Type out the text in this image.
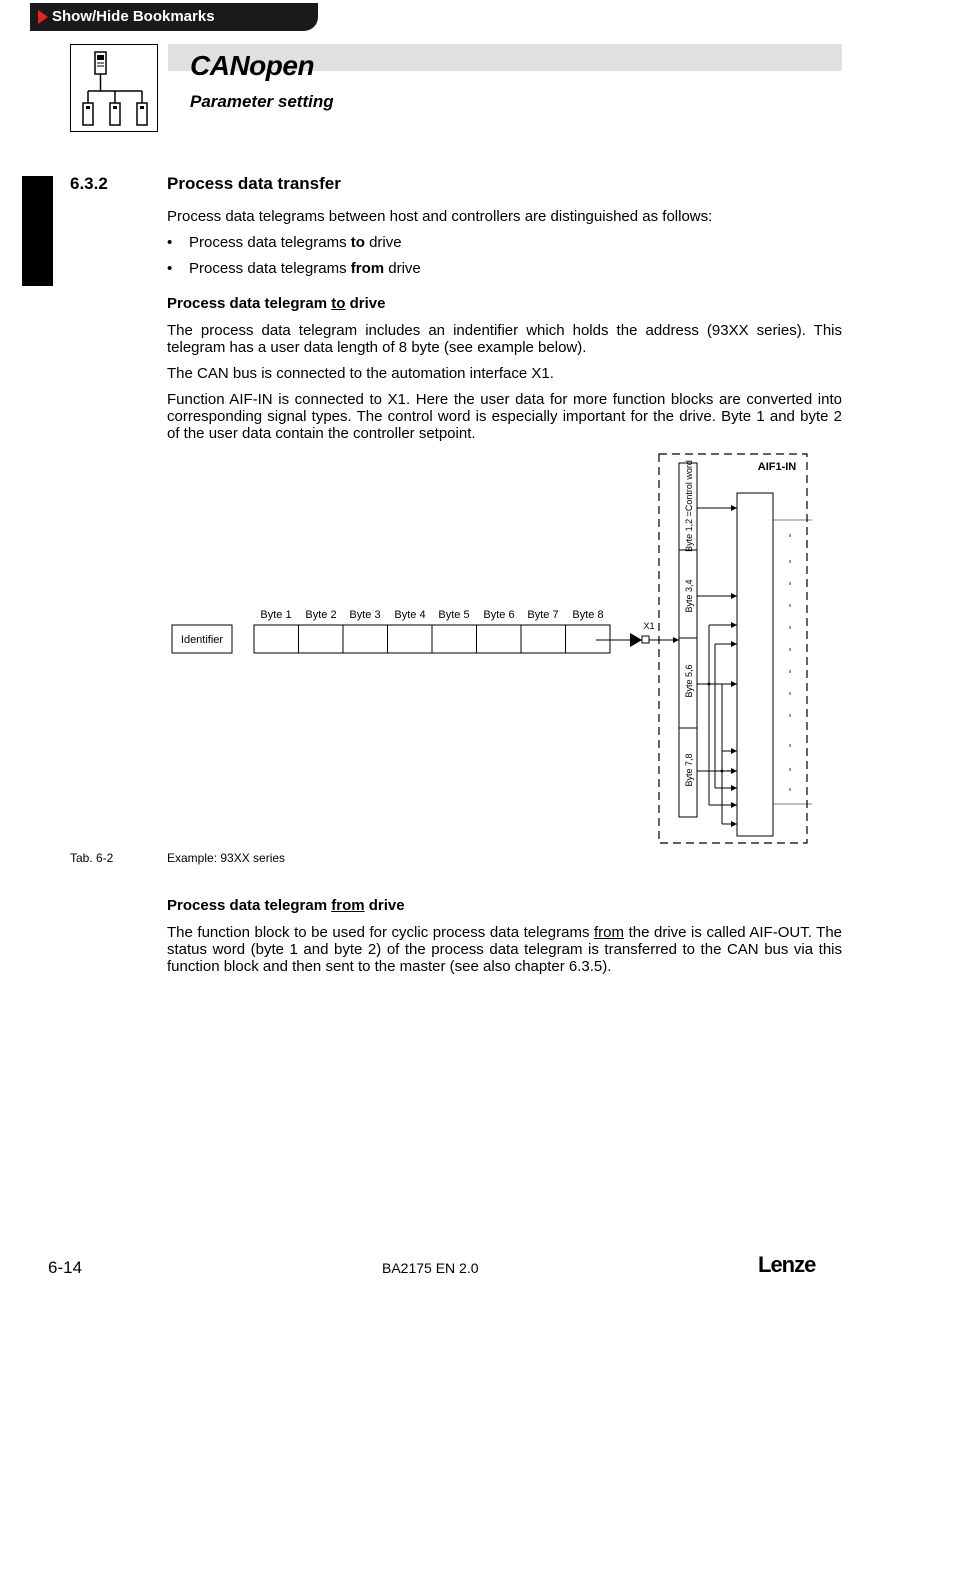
Show/Hide Bookmarks
CANopen
Parameter setting
6.3.2	Process data transfer
Process data telegrams between host and controllers are distinguished as follows:
• Process data telegrams to drive
• Process data telegrams from drive
Process data telegram to drive
The process data telegram includes an indentifier which holds the address (93XX series). This telegram has a user data length of 8 byte (see example below).
The CAN bus is connected to the automation interface X1.
Function AIF-IN is connected to X1. Here the user data for more function blocks are converted into corresponding signal types. The control word is especially important for the drive. Byte 1 and byte 2 of the user data contain the controller setpoint.
Identifier
Byte 1 Byte 2 Byte 3 Byte 4 Byte 5 Byte 6 Byte 7 Byte 8
X1
AIF1-IN
Byte 1,2 =Control word
Byte 3,4
Byte 5,6
Byte 7,8
Tab. 6-2	Example: 93XX series
Process data telegram from drive
The function block to be used for cyclic process data telegrams from the drive is called AIF-OUT. The status word (byte 1 and byte 2) of the process data telegram is transferred to the CAN bus via this function block and then sent to the master (see also chapter 6.3.5).
6-14	BA2175 EN 2.0	Lenze
